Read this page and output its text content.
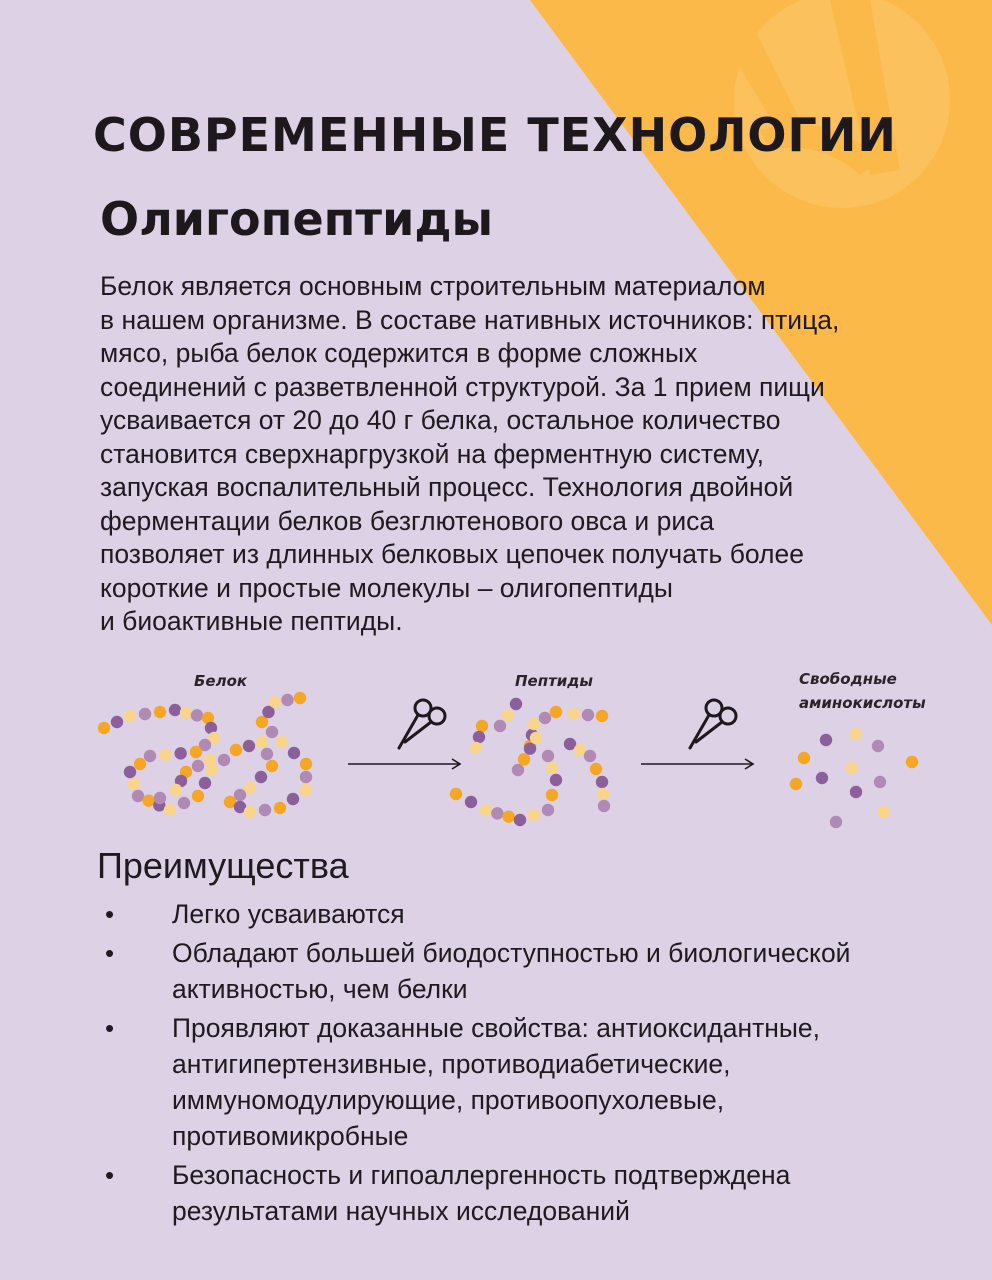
СОВРЕМЕННЫЕ ТЕХНОЛОГИИ
Олигопептиды
Белок является основным строительным материалом
в нашем организме. В составе нативных источников: птица,
мясо, рыба белок содержится в форме сложных
соединений с разветвленной структурой. За 1 прием пищи
усваивается от 20 до 40 г белка, остальное количество
становится сверхнаргрузкой на ферментную систему,
запуская воспалительный процесс. Технология двойной
ферментации белков безглютенового овса и риса
позволяет из длинных белковых цепочек получать более
короткие и простые молекулы – олигопептиды
и биоактивные пептиды.
Белок	Пептиды	Свободные
аминокислоты
Преимущества
• Легко усваиваются
• Обладают большей биодоступностью и биологической
активностью, чем белки
• Проявляют доказанные свойства: антиоксидантные,
антигипертензивные, противодиабетические,
иммуномодулирующие, противоопухолевые,
противомикробные
• Безопасность и гипоаллергенность подтверждена
результатами научных исследований
